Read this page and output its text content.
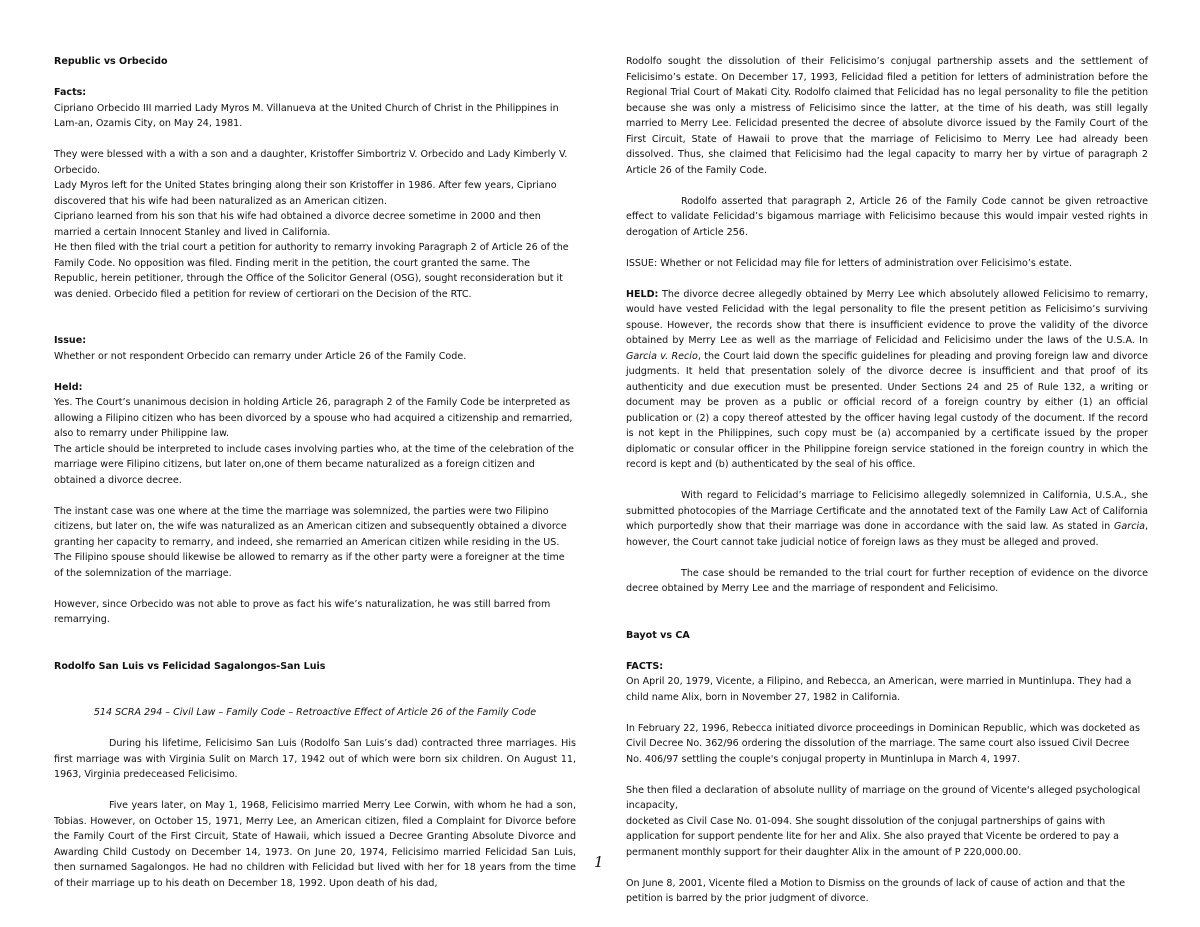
Republic vs Orbecido

Facts:

Cipriano Orbecido III married Lady Myros M. Villanueva at the United Church of Christ in the Philippines in Lam-an, Ozamis City, on May 24, 1981.

They were blessed with a with a son and a daughter, Kristoffer Simbortriz V. Orbecido and Lady Kimberly V. Orbecido.

Lady Myros left for the United States bringing along their son Kristoffer in 1986. After few years, Cipriano discovered that his wife had been naturalized as an American citizen.

Cipriano learned from his son that his wife had obtained a divorce decree sometime in 2000 and then married a certain Innocent Stanley and lived in California.

He then filed with the trial court a petition for authority to remarry invoking Paragraph 2 of Article 26 of the Family Code. No opposition was filed. Finding merit in the petition, the court granted the same. The Republic, herein petitioner, through the Office of the Solicitor General (OSG), sought reconsideration but it was denied. Orbecido filed a petition for review of certiorari on the Decision of the RTC.

Issue:

Whether or not respondent Orbecido can remarry under Article 26 of the Family Code.

Held:

Yes. The Court’s unanimous decision in holding Article 26, paragraph 2 of the Family Code be interpreted as allowing a Filipino citizen who has been divorced by a spouse who had acquired a citizenship and remarried, also to remarry under Philippine law.

The article should be interpreted to include cases involving parties who, at the time of the celebration of the marriage were Filipino citizens, but later on,one of them became naturalized as a foreign citizen and obtained a divorce decree.

The instant case was one where at the time the marriage was solemnized, the parties were two Filipino citizens, but later on, the wife was naturalized as an American citizen and subsequently obtained a divorce granting her capacity to remarry, and indeed, she remarried an American citizen while residing in the US. The Filipino spouse should likewise be allowed to remarry as if the other party were a foreigner at the time of the solemnization of the marriage.

However, since Orbecido was not able to prove as fact his wife’s naturalization, he was still barred from remarrying.

Rodolfo San Luis vs Felicidad Sagalongos-San Luis

514 SCRA 294 – Civil Law – Family Code – Retroactive Effect of Article 26 of the Family Code

During his lifetime, Felicisimo San Luis (Rodolfo San Luis’s dad) contracted three marriages. His first marriage was with Virginia Sulit on March 17, 1942 out of which were born six children. On August 11, 1963, Virginia predeceased Felicisimo.

Five years later, on May 1, 1968, Felicisimo married Merry Lee Corwin, with whom he had a son, Tobias. However, on October 15, 1971, Merry Lee, an American citizen, filed a Complaint for Divorce before the Family Court of the First Circuit, State of Hawaii, which issued a Decree Granting Absolute Divorce and Awarding Child Custody on December 14, 1973. On June 20, 1974, Felicisimo married Felicidad San Luis, then surnamed Sagalongos. He had no children with Felicidad but lived with her for 18 years from the time of their marriage up to his death on December 18, 1992. Upon death of his dad,

Rodolfo sought the dissolution of their Felicisimo’s conjugal partnership assets and the settlement of Felicisimo’s estate. On December 17, 1993, Felicidad filed a petition for letters of administration before the Regional Trial Court of Makati City. Rodolfo claimed that Felicidad has no legal personality to file the petition because she was only a mistress of Felicisimo since the latter, at the time of his death, was still legally married to Merry Lee. Felicidad presented the decree of absolute divorce issued by the Family Court of the First Circuit, State of Hawaii to prove that the marriage of Felicisimo to Merry Lee had already been dissolved. Thus, she claimed that Felicisimo had the legal capacity to marry her by virtue of paragraph 2 Article 26 of the Family Code.

Rodolfo asserted that paragraph 2, Article 26 of the Family Code cannot be given retroactive effect to validate Felicidad’s bigamous marriage with Felicisimo because this would impair vested rights in derogation of Article 256.

ISSUE: Whether or not Felicidad may file for letters of administration over Felicisimo’s estate.

HELD: The divorce decree allegedly obtained by Merry Lee which absolutely allowed Felicisimo to remarry, would have vested Felicidad with the legal personality to file the present petition as Felicisimo’s surviving spouse. However, the records show that there is insufficient evidence to prove the validity of the divorce obtained by Merry Lee as well as the marriage of Felicidad and Felicisimo under the laws of the U.S.A. In Garcia v. Recio, the Court laid down the specific guidelines for pleading and proving foreign law and divorce judgments. It held that presentation solely of the divorce decree is insufficient and that proof of its authenticity and due execution must be presented. Under Sections 24 and 25 of Rule 132, a writing or document may be proven as a public or official record of a foreign country by either (1) an official publication or (2) a copy thereof attested by the officer having legal custody of the document. If the record is not kept in the Philippines, such copy must be (a) accompanied by a certificate issued by the proper diplomatic or consular officer in the Philippine foreign service stationed in the foreign country in which the record is kept and (b) authenticated by the seal of his office.

With regard to Felicidad’s marriage to Felicisimo allegedly solemnized in California, U.S.A., she submitted photocopies of the Marriage Certificate and the annotated text of the Family Law Act of California which purportedly show that their marriage was done in accordance with the said law. As stated in Garcia, however, the Court cannot take judicial notice of foreign laws as they must be alleged and proved.

The case should be remanded to the trial court for further reception of evidence on the divorce decree obtained by Merry Lee and the marriage of respondent and Felicisimo.

Bayot vs CA

FACTS:

On April 20, 1979, Vicente, a Filipino, and Rebecca, an American, were married in Muntinlupa. They had a child name Alix, born in November 27, 1982 in California.

In February 22, 1996, Rebecca initiated divorce proceedings in Dominican Republic, which was docketed as Civil Decree No. 362/96 ordering the dissolution of the marriage. The same court also issued Civil Decree No. 406/97 settling the couple's conjugal property in Muntinlupa in March 4, 1997.

She then filed a declaration of absolute nullity of marriage on the ground of Vicente's alleged psychological incapacity,

docketed as Civil Case No. 01-094. She sought dissolution of the conjugal partnerships of gains with application for support pendente lite for her and Alix. She also prayed that Vicente be ordered to pay a permanent monthly support for their daughter Alix in the amount of P 220,000.00.

On June 8, 2001, Vicente filed a Motion to Dismiss on the grounds of lack of cause of action and that the petition is barred by the prior judgment of divorce.

1
